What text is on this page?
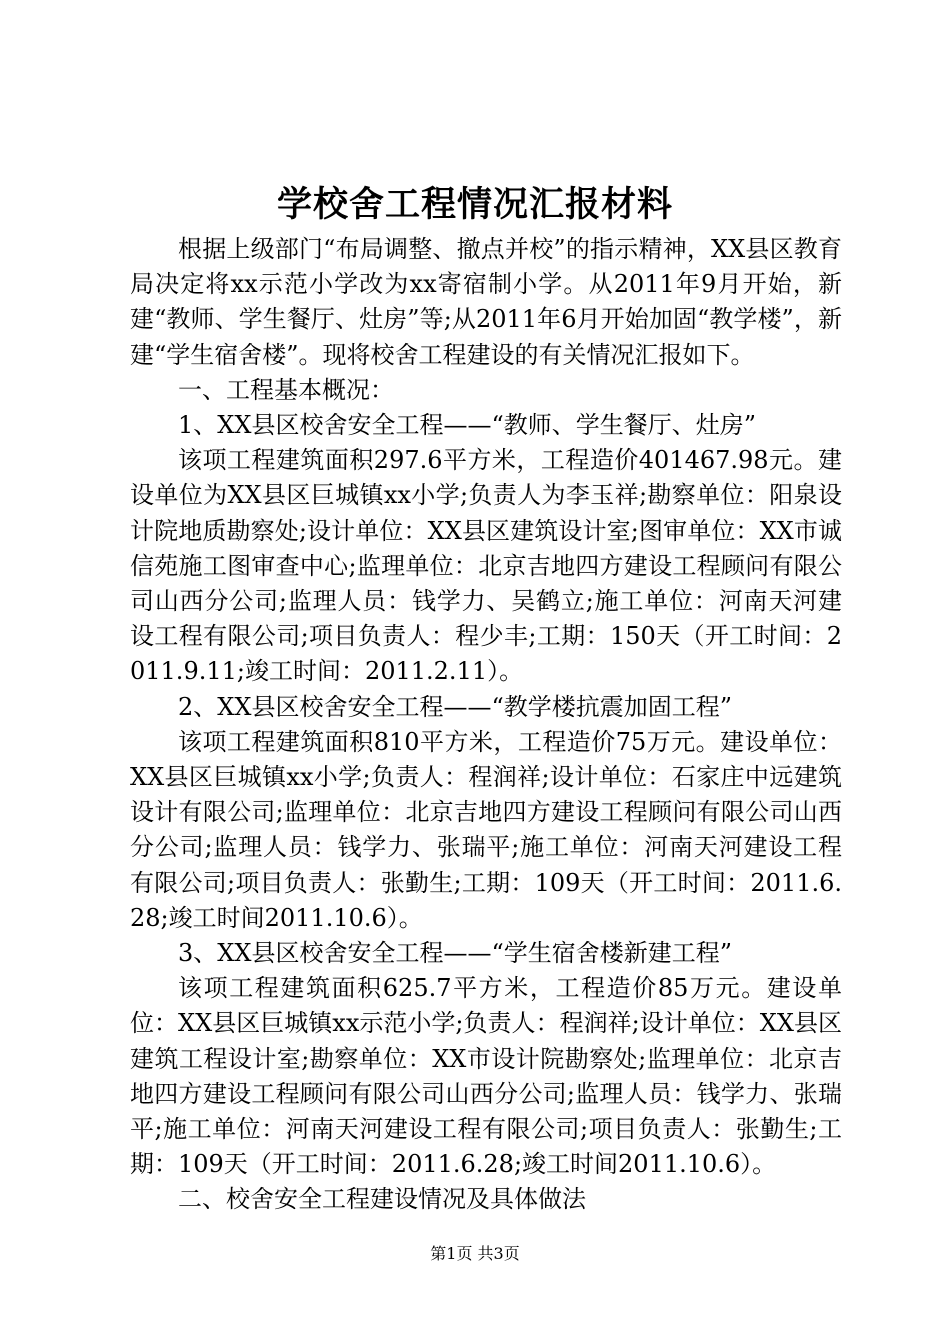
学校舍工程情况汇报材料

根据上级部门“布局调整、撤点并校”的指示精神，XX县区教育局决定将xx示范小学改为xx寄宿制小学。从2011年9月开始，新建“教师、学生餐厅、灶房”等;从2011年6月开始加固“教学楼”，新建“学生宿舍楼”。现将校舍工程建设的有关情况汇报如下。

一、工程基本概况：

1、XX县区校舍安全工程——“教师、学生餐厅、灶房”

该项工程建筑面积297.6平方米，工程造价401467.98元。建设单位为XX县区巨城镇xx小学;负责人为李玉祥;勘察单位：阳泉设计院地质勘察处;设计单位：XX县区建筑设计室;图审单位：XX市诚信苑施工图审查中心;监理单位：北京吉地四方建设工程顾问有限公司山西分公司;监理人员：钱学力、吴鹤立;施工单位：河南天河建设工程有限公司;项目负责人：程少丰;工期：150天（开工时间：2011.9.11;竣工时间：2011.2.11）。

2、XX县区校舍安全工程——“教学楼抗震加固工程”

该项工程建筑面积810平方米，工程造价75万元。建设单位：XX县区巨城镇xx小学;负责人：程润祥;设计单位：石家庄中远建筑设计有限公司;监理单位：北京吉地四方建设工程顾问有限公司山西分公司;监理人员：钱学力、张瑞平;施工单位：河南天河建设工程有限公司;项目负责人：张勤生;工期：109天（开工时间：2011.6.28;竣工时间2011.10.6）。

3、XX县区校舍安全工程——“学生宿舍楼新建工程”

该项工程建筑面积625.7平方米，工程造价85万元。建设单位：XX县区巨城镇xx示范小学;负责人：程润祥;设计单位：XX县区建筑工程设计室;勘察单位：XX市设计院勘察处;监理单位：北京吉地四方建设工程顾问有限公司山西分公司;监理人员：钱学力、张瑞平;施工单位：河南天河建设工程有限公司;项目负责人：张勤生;工期：109天（开工时间：2011.6.28;竣工时间2011.10.6）。

二、校舍安全工程建设情况及具体做法

第1页 共3页
